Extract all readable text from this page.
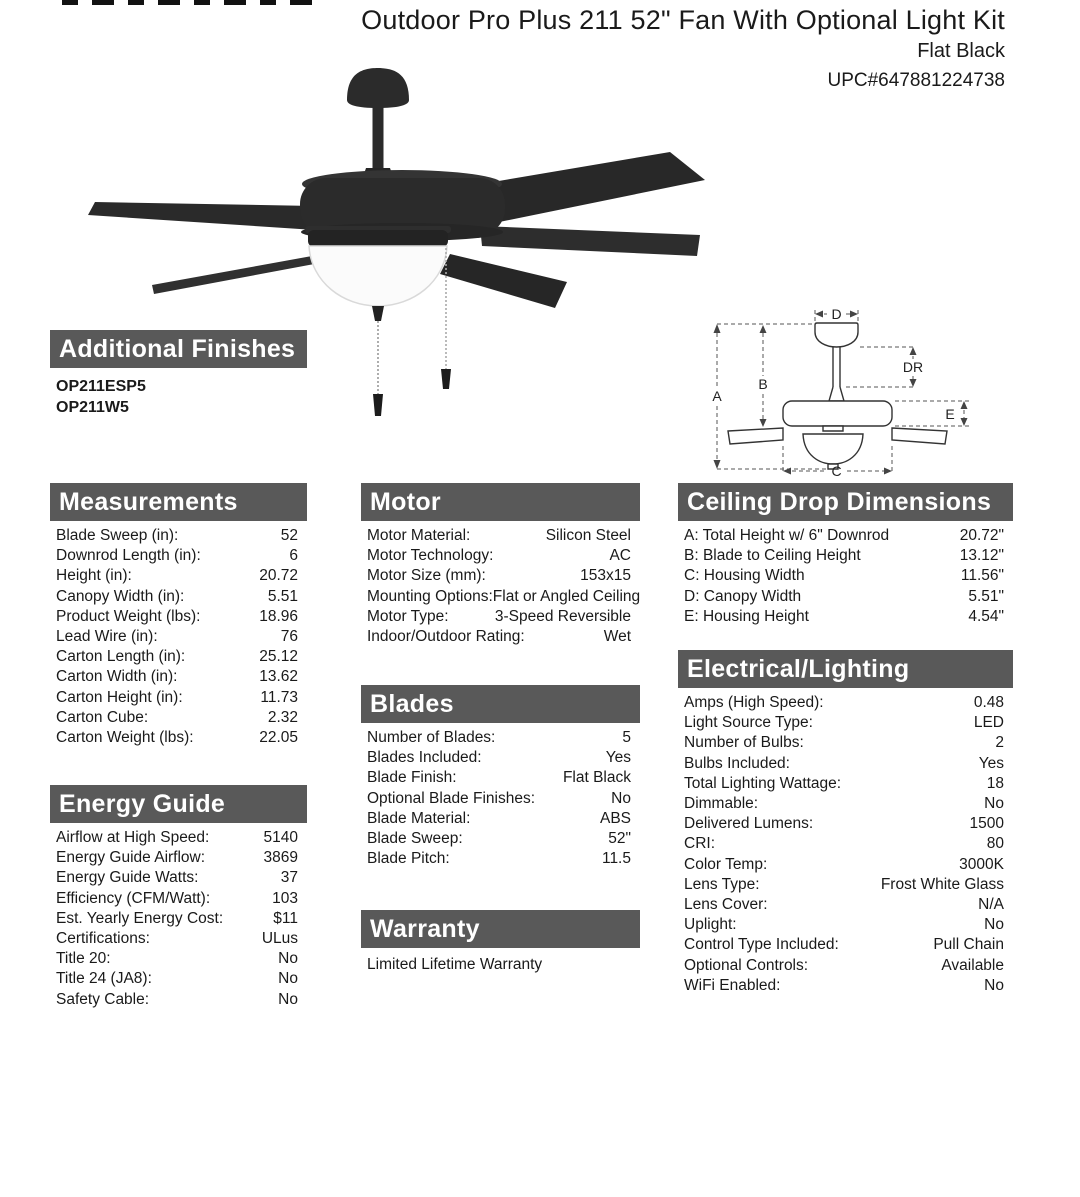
Outdoor Pro Plus 211 52" Fan With Optional Light Kit
Flat Black
UPC#647881224738
D
A
B
DR
E
C
Additional Finishes
OP211ESP5
OP211W5
Measurements
Blade Sweep (in):	52
Downrod Length (in):	6
Height (in):	20.72
Canopy Width (in):	5.51
Product Weight (lbs):	18.96
Lead Wire (in):	76
Carton Length (in):	25.12
Carton Width (in):	13.62
Carton Height (in):	11.73
Carton Cube:	2.32
Carton Weight (lbs):	22.05
Energy Guide
Airflow at High Speed:	5140
Energy Guide Airflow:	3869
Energy Guide Watts:	37
Efficiency (CFM/Watt):	103
Est. Yearly Energy Cost:	$11
Certifications:	ULus
Title 20:	No
Title 24 (JA8):	No
Safety Cable:	No
Motor
Motor Material:	Silicon Steel
Motor Technology:	AC
Motor Size (mm):	153x15
Mounting Options: Flat or Angled Ceiling
Motor Type:	3-Speed Reversible
Indoor/Outdoor Rating:	Wet
Blades
Number of Blades:	5
Blades Included:	Yes
Blade Finish:	Flat Black
Optional Blade Finishes:	No
Blade Material:	ABS
Blade Sweep:	52"
Blade Pitch:	11.5
Warranty
Limited Lifetime Warranty
Ceiling Drop Dimensions
A: Total Height w/ 6" Downrod	20.72"
B: Blade to Ceiling Height	13.12"
C: Housing Width	11.56"
D: Canopy Width	5.51"
E: Housing Height	4.54"
Electrical/Lighting
Amps (High Speed):	0.48
Light Source Type:	LED
Number of Bulbs:	2
Bulbs Included:	Yes
Total Lighting Wattage:	18
Dimmable:	No
Delivered Lumens:	1500
CRI:	80
Color Temp:	3000K
Lens Type:	Frost White Glass
Lens Cover:	N/A
Uplight:	No
Control Type Included:	Pull Chain
Optional Controls:	Available
WiFi Enabled:	No
